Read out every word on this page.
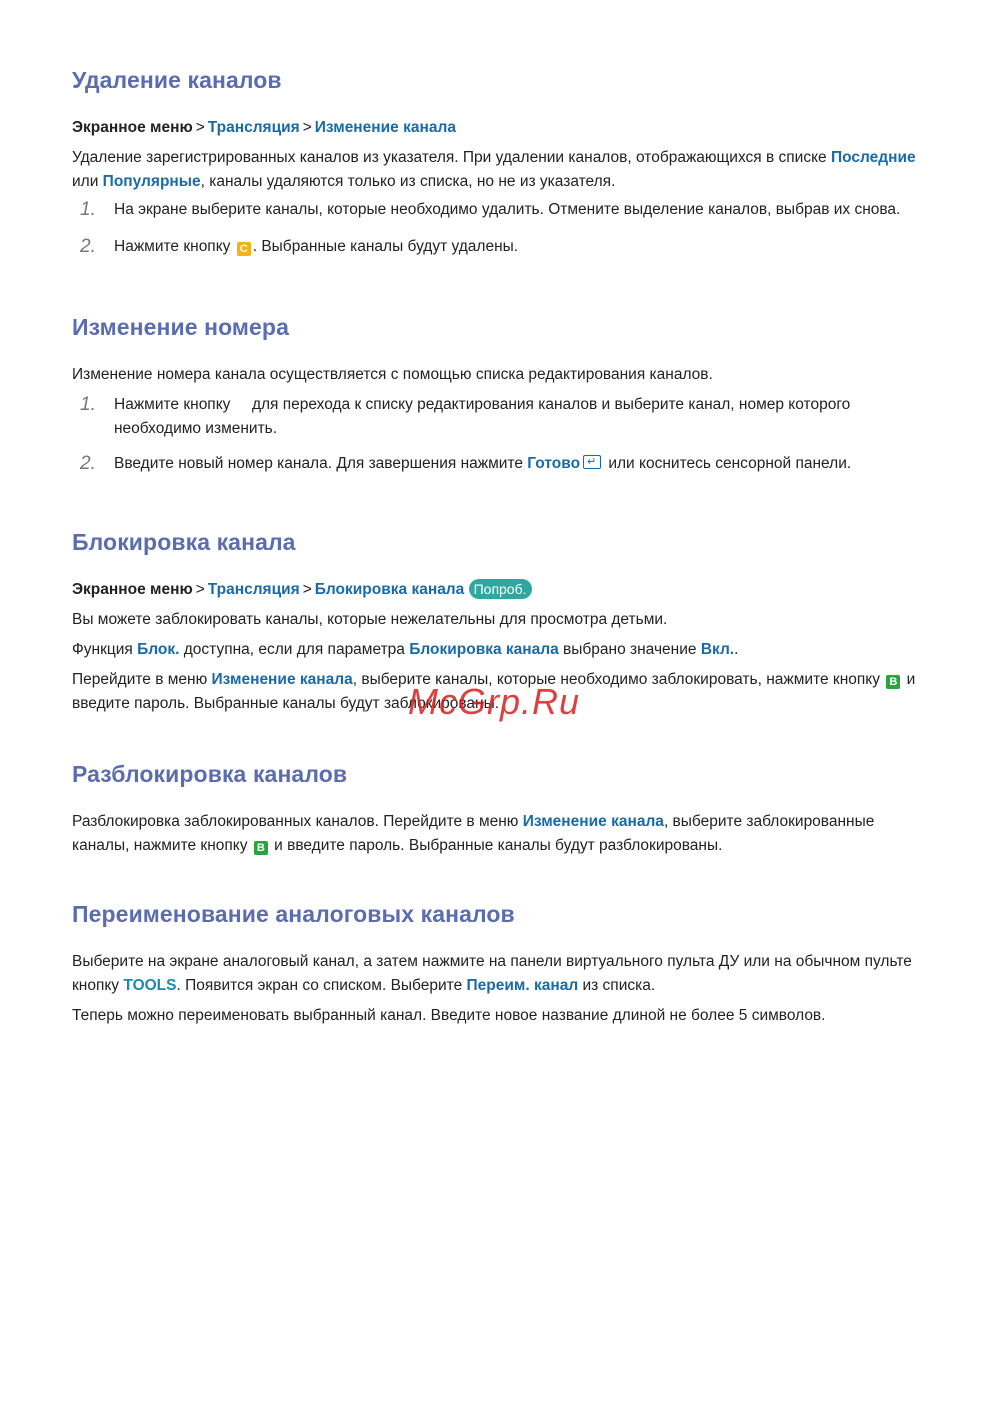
Удаление каналов

Экранное меню > Трансляция > Изменение канала

Удаление зарегистрированных каналов из указателя. При удалении каналов, отображающихся в списке Последние или Популярные, каналы удаляются только из списка, но не из указателя.

1. На экране выберите каналы, которые необходимо удалить. Отмените выделение каналов, выбрав их снова.
2. Нажмите кнопку C . Выбранные каналы будут удалены.
Изменение номера

Изменение номера канала осуществляется с помощью списка редактирования каналов.

1. Нажмите кнопку     для перехода к списку редактирования каналов и выберите канал, номер которого необходимо изменить.
2. Введите новый номер канала. Для завершения нажмите Готово↵ или коснитесь сенсорной панели.
Блокировка канала

Экранное меню > Трансляция > Блокировка канала Попроб.

Вы можете заблокировать каналы, которые нежелательны для просмотра детьми.

Функция Блок. доступна, если для параметра Блокировка канала выбрано значение Вкл..

Перейдите в меню Изменение канала, выберите каналы, которые необходимо заблокировать, нажмите кнопку B и введите пароль. Выбранные каналы будут заблокированы.

Разблокировка каналов

Разблокировка заблокированных каналов. Перейдите в меню Изменение канала, выберите заблокированные каналы, нажмите кнопку B и введите пароль. Выбранные каналы будут разблокированы.

Переименование аналоговых каналов

Выберите на экране аналоговый канал, а затем нажмите на панели виртуального пульта ДУ или на обычном пульте кнопку TOOLS. Появится экран со списком. Выберите Переим. канал из списка.

Теперь можно переименовать выбранный канал. Введите новое название длиной не более 5 символов.

McGrp.Ru
